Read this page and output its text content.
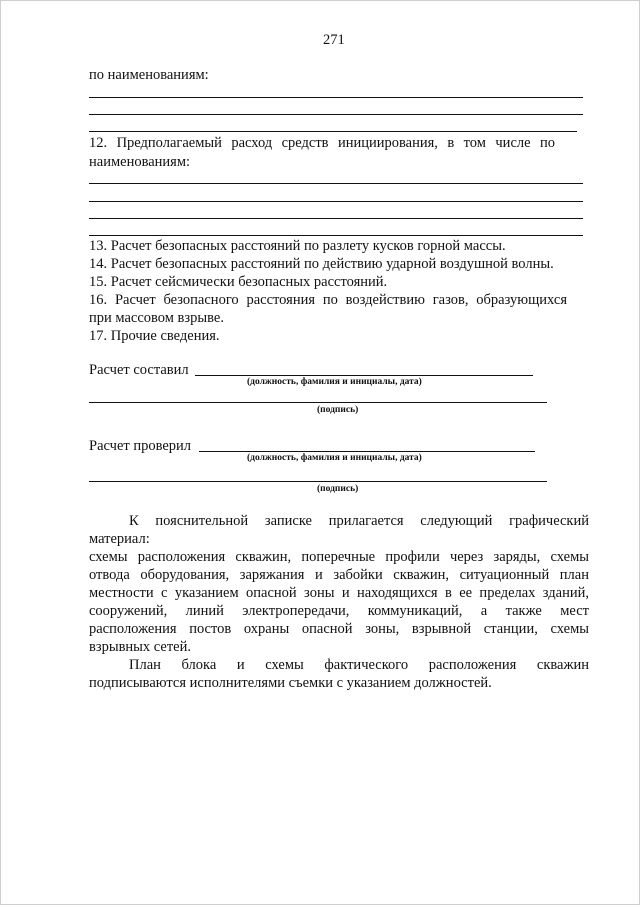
271
по наименованиям:
12. Предполагаемый расход средств инициирования, в том числе по
наименованиям:
13. Расчет безопасных расстояний по разлету кусков горной массы.
14. Расчет безопасных расстояний по действию ударной воздушной волны.
15. Расчет сейсмически безопасных расстояний.
16. Расчет безопасного расстояния по воздействию газов, образующихся
при массовом взрыве.
17. Прочие сведения.
Расчет составил
(должность, фамилия и инициалы, дата)
(подпись)
Расчет проверил
(должность, фамилия и инициалы, дата)
(подпись)
К пояснительной записке прилагается следующий графический
материал:
схемы расположения скважин, поперечные профили через заряды, схемы
отвода оборудования, заряжания и забойки скважин, ситуационный план
местности с указанием опасной зоны и находящихся в ее пределах зданий,
сооружений, линий электропередачи, коммуникаций, а также мест
расположения постов охраны опасной зоны, взрывной станции, схемы
взрывных сетей.
План блока и схемы фактического расположения скважин
подписываются исполнителями съемки с указанием должностей.
